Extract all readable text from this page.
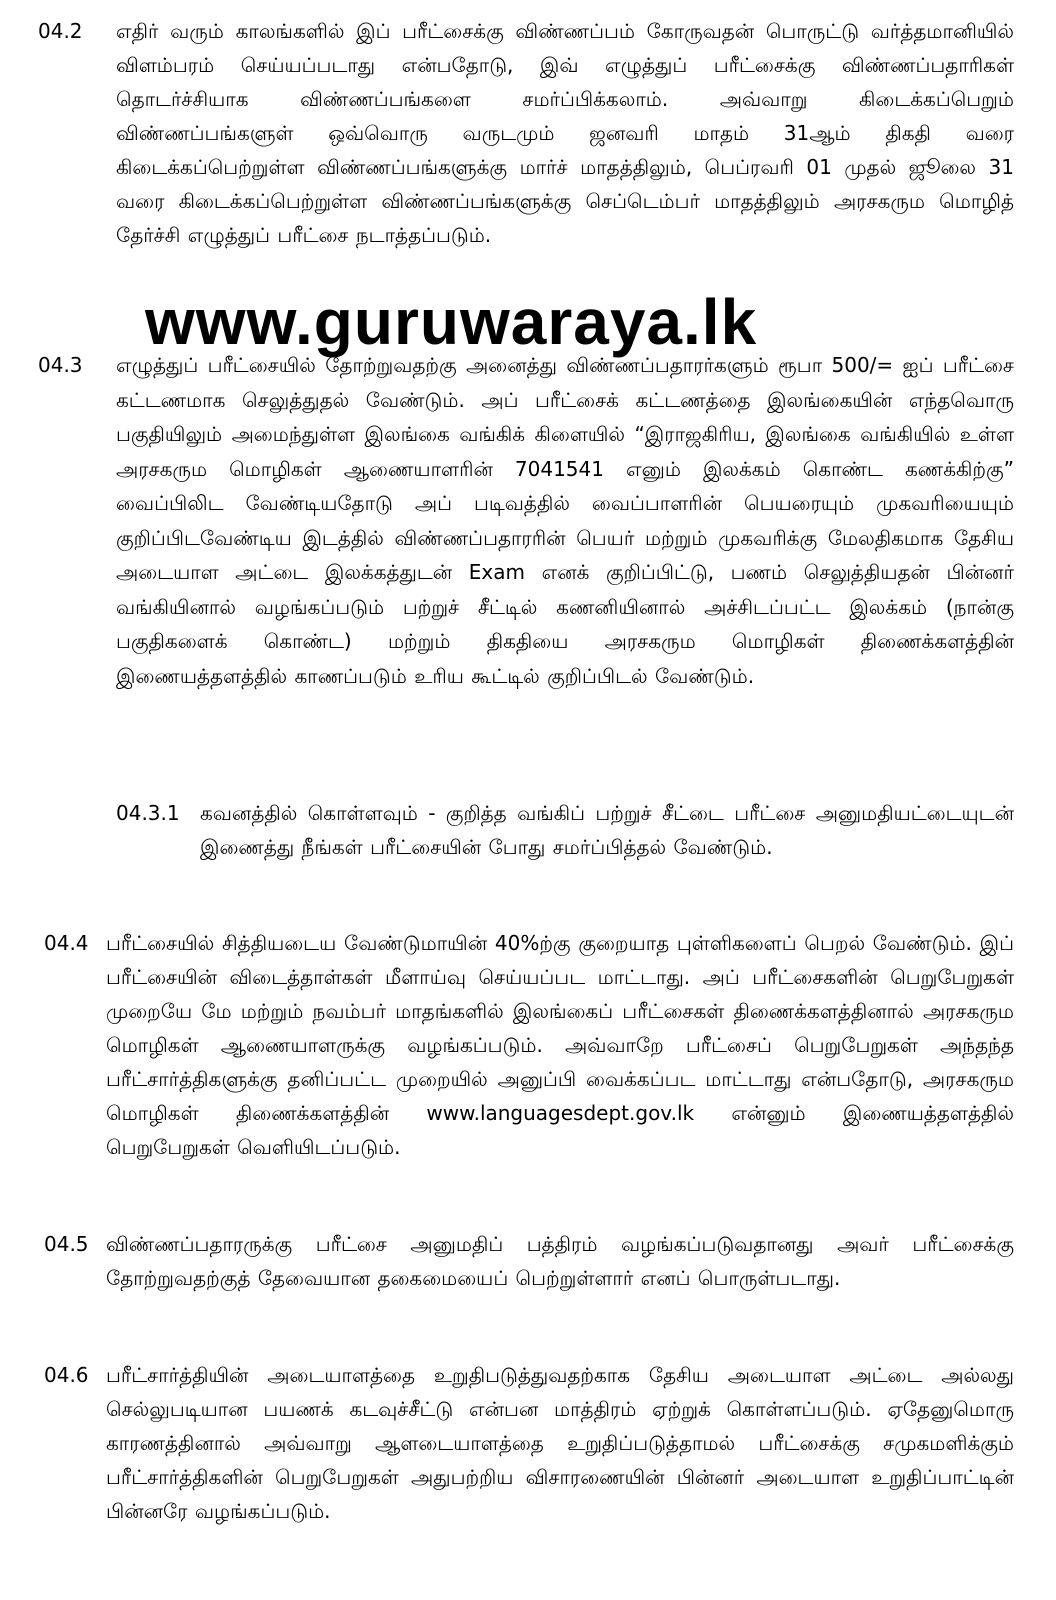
04.2 எதிர் வரும் காலங்களில் இப் பரீட்சைக்கு விண்ணப்பம் கோருவதன் பொருட்டு வர்த்தமானியில் விளம்பரம் செய்யப்படாது என்பதோடு, இவ் எழுத்துப் பரீட்சைக்கு விண்ணப்பதாரிகள் தொடர்ச்சியாக விண்ணப்பங்களை சமர்ப்பிக்கலாம். அவ்வாறு கிடைக்கப்பெறும் விண்ணப்பங்களுள் ஒவ்வொரு வருடமும் ஜனவரி மாதம் 31ஆம் திகதி வரை கிடைக்கப்பெற்றுள்ள விண்ணப்பங்களுக்கு மார்ச் மாதத்திலும், பெப்ரவரி 01 முதல் ஜூலை 31 வரை கிடைக்கப்பெற்றுள்ள விண்ணப்பங்களுக்கு செப்டெம்பர் மாதத்திலும் அரசகரும மொழித் தேர்ச்சி எழுத்துப் பரீட்சை நடாத்தப்படும்.

www.guruwaraya.lk
04.3 எழுத்துப் பரீட்சையில் தோற்றுவதற்கு அனைத்து விண்ணப்பதாரர்களும் ரூபா 500/= ஐப் பரீட்சை கட்டணமாக செலுத்துதல் வேண்டும். அப் பரீட்சைக் கட்டணத்தை இலங்கையின் எந்தவொரு பகுதியிலும் அமைந்துள்ள இலங்கை வங்கிக் கிளையில் “இராஜகிரிய, இலங்கை வங்கியில் உள்ள அரசகரும மொழிகள் ஆணையாளரின் 7041541 எனும் இலக்கம் கொண்ட கணக்கிற்கு” வைப்பிலிட வேண்டியதோடு அப் படிவத்தில் வைப்பாளரின் பெயரையும் முகவரியையும் குறிப்பிடவேண்டிய இடத்தில் விண்ணப்பதாரரின் பெயர் மற்றும் முகவரிக்கு மேலதிகமாக தேசிய அடையாள அட்டை இலக்கத்துடன் Exam எனக் குறிப்பிட்டு, பணம் செலுத்தியதன் பின்னர் வங்கியினால் வழங்கப்படும் பற்றுச் சீட்டில் கணனியினால் அச்சிடப்பட்ட இலக்கம் (நான்கு பகுதிகளைக் கொண்ட) மற்றும் திகதியை அரசகரும மொழிகள் திணைக்களத்தின் இணையத்தளத்தில் காணப்படும் உரிய கூட்டில் குறிப்பிடல் வேண்டும்.

04.3.1 கவனத்தில் கொள்ளவும் - குறித்த வங்கிப் பற்றுச் சீட்டை பரீட்சை அனுமதியட்டையுடன் இணைத்து நீங்கள் பரீட்சையின் போது சமர்ப்பித்தல் வேண்டும்.

04.4 பரீட்சையில் சித்தியடைய வேண்டுமாயின் 40%ற்கு குறையாத புள்ளிகளைப் பெறல் வேண்டும். இப் பரீட்சையின் விடைத்தாள்கள் மீளாய்வு செய்யப்பட மாட்டாது. அப் பரீட்சைகளின் பெறுபேறுகள் முறையே மே மற்றும் நவம்பர் மாதங்களில் இலங்கைப் பரீட்சைகள் திணைக்களத்தினால் அரசகரும மொழிகள் ஆணையாளருக்கு வழங்கப்படும். அவ்வாறே பரீட்சைப் பெறுபேறுகள் அந்தந்த பரீட்சார்த்திகளுக்கு தனிப்பட்ட முறையில் அனுப்பி வைக்கப்பட மாட்டாது என்பதோடு, அரசகரும மொழிகள் திணைக்களத்தின் www.languagesdept.gov.lk என்னும் இணையத்தளத்தில் பெறுபேறுகள் வெளியிடப்படும்.

04.5 விண்ணப்பதாரருக்கு பரீட்சை அனுமதிப் பத்திரம் வழங்கப்படுவதானது அவர் பரீட்சைக்கு தோற்றுவதற்குத் தேவையான தகைமையைப் பெற்றுள்ளார் எனப் பொருள்படாது.

04.6 பரீட்சார்த்தியின் அடையாளத்தை உறுதிபடுத்துவதற்காக தேசிய அடையாள அட்டை அல்லது செல்லுபடியான பயணக் கடவுச்சீட்டு என்பன மாத்திரம் ஏற்றுக் கொள்ளப்படும். ஏதேனுமொரு காரணத்தினால் அவ்வாறு ஆளடையாளத்தை உறுதிப்படுத்தாமல் பரீட்சைக்கு சமுகமளிக்கும் பரீட்சார்த்திகளின் பெறுபேறுகள் அதுபற்றிய விசாரணையின் பின்னர் அடையாள உறுதிப்பாட்டின் பின்னரே வழங்கப்படும்.
